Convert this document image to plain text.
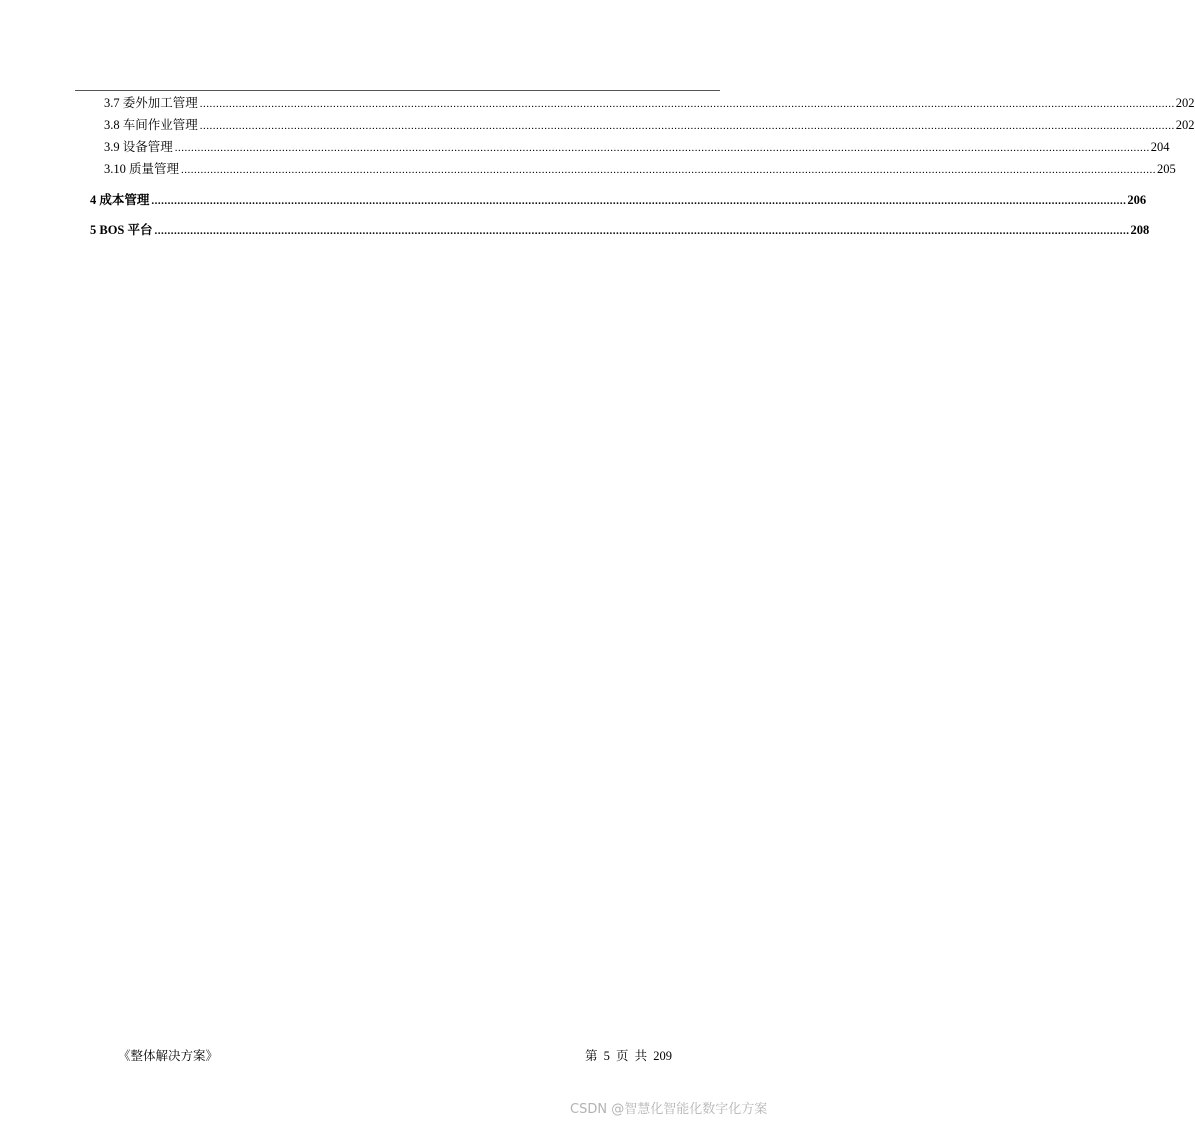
3.7 委外加工管理 ............................................................................................................................................................................................................................................................................................................ 202
3.8 车间作业管理 ............................................................................................................................................................................................................................................................................................................ 202
3.9 设备管理 ............................................................................................................................................................................................................................................................................................................ 204
3.10 质量管理 ............................................................................................................................................................................................................................................................................................................ 205
4 成本管理 ............................................................................................................................................................................................................................................................................................................ 206
5 BOS 平台 ............................................................................................................................................................................................................................................................................................................ 208
《整体解决方案》	第 5 页 共 209
CSDN @智慧化智能化数字化方案
